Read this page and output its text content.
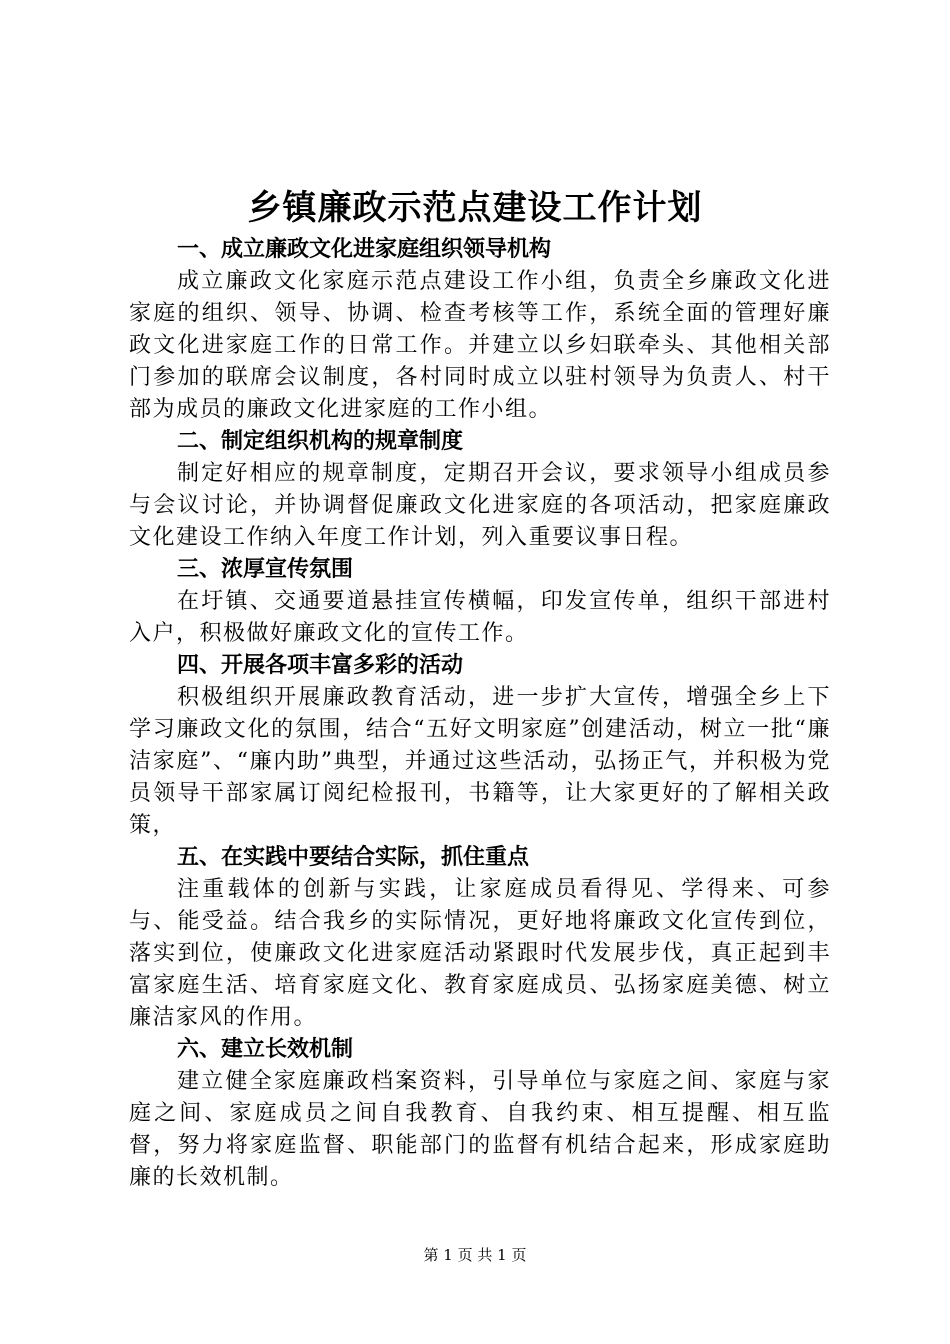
乡镇廉政示范点建设工作计划

一、成立廉政文化进家庭组织领导机构

成立廉政文化家庭示范点建设工作小组，负责全乡廉政文化进家庭的组织、领导、协调、检查考核等工作，系统全面的管理好廉政文化进家庭工作的日常工作。并建立以乡妇联牵头、其他相关部门参加的联席会议制度，各村同时成立以驻村领导为负责人、村干部为成员的廉政文化进家庭的工作小组。

二、制定组织机构的规章制度

制定好相应的规章制度，定期召开会议，要求领导小组成员参与会议讨论，并协调督促廉政文化进家庭的各项活动，把家庭廉政文化建设工作纳入年度工作计划，列入重要议事日程。

三、浓厚宣传氛围

在圩镇、交通要道悬挂宣传横幅，印发宣传单，组织干部进村入户，积极做好廉政文化的宣传工作。

四、开展各项丰富多彩的活动

积极组织开展廉政教育活动，进一步扩大宣传，增强全乡上下学习廉政文化的氛围，结合“五好文明家庭”创建活动，树立一批“廉洁家庭”、“廉内助”典型，并通过这些活动，弘扬正气，并积极为党员领导干部家属订阅纪检报刊，书籍等，让大家更好的了解相关政策，

五、在实践中要结合实际，抓住重点

注重载体的创新与实践，让家庭成员看得见、学得来、可参与、能受益。结合我乡的实际情况，更好地将廉政文化宣传到位，落实到位，使廉政文化进家庭活动紧跟时代发展步伐，真正起到丰富家庭生活、培育家庭文化、教育家庭成员、弘扬家庭美德、树立廉洁家风的作用。

六、建立长效机制

建立健全家庭廉政档案资料，引导单位与家庭之间、家庭与家庭之间、家庭成员之间自我教育、自我约束、相互提醒、相互监督，努力将家庭监督、职能部门的监督有机结合起来，形成家庭助廉的长效机制。

第 1 页 共 1 页
